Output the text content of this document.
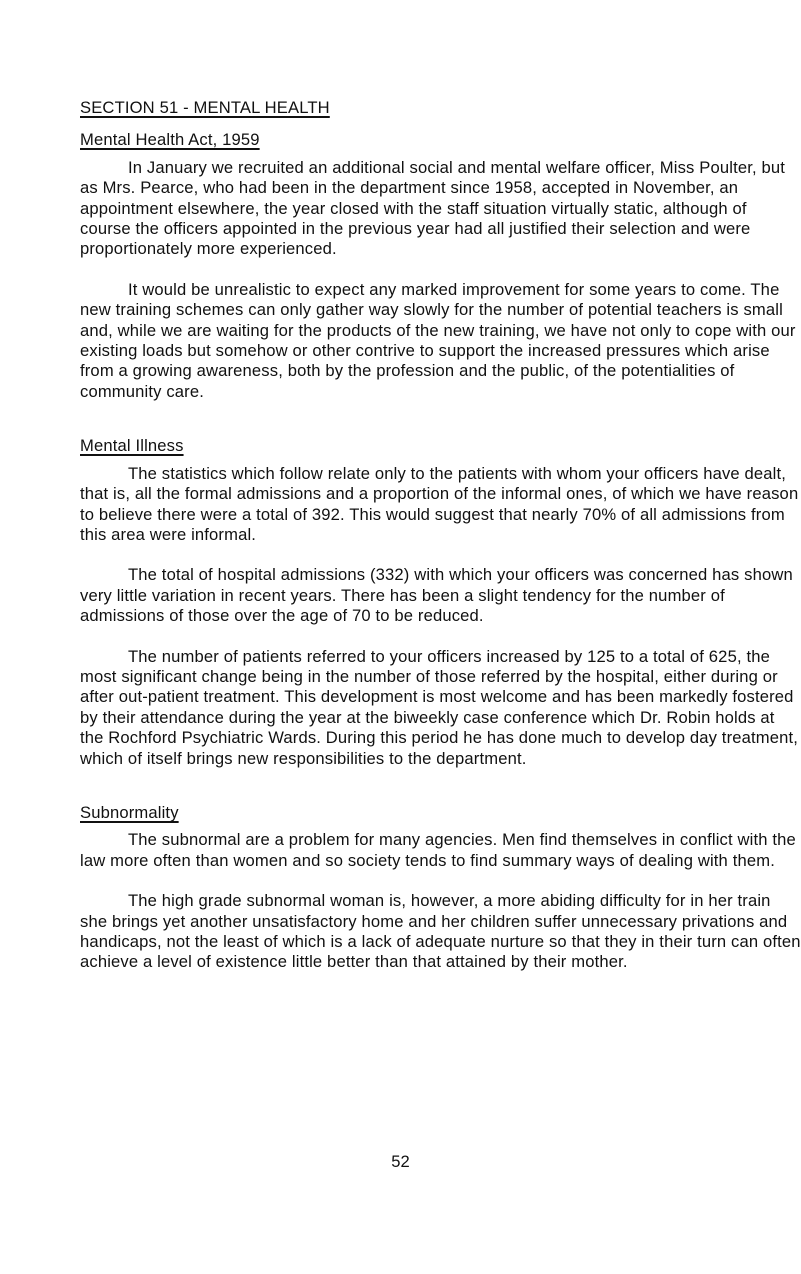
SECTION 51 - MENTAL HEALTH
Mental Health Act, 1959

In January we recruited an additional social and mental welfare officer, Miss Poulter, but as Mrs. Pearce, who had been in the department since 1958, accepted in November, an appointment elsewhere, the year closed with the staff situation virtually static, although of course the officers appointed in the previous year had all justified their selection and were proportionately more experienced.

It would be unrealistic to expect any marked improvement for some years to come. The new training schemes can only gather way slowly for the number of potential teachers is small and, while we are waiting for the products of the new training, we have not only to cope with our existing loads but somehow or other contrive to support the increased pressures which arise from a growing awareness, both by the profession and the public, of the potentialities of community care.

Mental Illness

The statistics which follow relate only to the patients with whom your officers have dealt, that is, all the formal admissions and a proportion of the informal ones, of which we have reason to believe there were a total of 392. This would suggest that nearly 70% of all admissions from this area were informal.

The total of hospital admissions (332) with which your officers was concerned has shown very little variation in recent years. There has been a slight tendency for the number of admissions of those over the age of 70 to be reduced.

The number of patients referred to your officers increased by 125 to a total of 625, the most significant change being in the number of those referred by the hospital, either during or after out-patient treatment. This development is most welcome and has been markedly fostered by their attendance during the year at the biweekly case conference which Dr. Robin holds at the Rochford Psychiatric Wards. During this period he has done much to develop day treatment, which of itself brings new responsibilities to the department.

Subnormality

The subnormal are a problem for many agencies. Men find themselves in conflict with the law more often than women and so society tends to find summary ways of dealing with them.

The high grade subnormal woman is, however, a more abiding difficulty for in her train she brings yet another unsatisfactory home and her children suffer unnecessary privations and handicaps, not the least of which is a lack of adequate nurture so that they in their turn can often achieve a level of existence little better than that attained by their mother.

52
